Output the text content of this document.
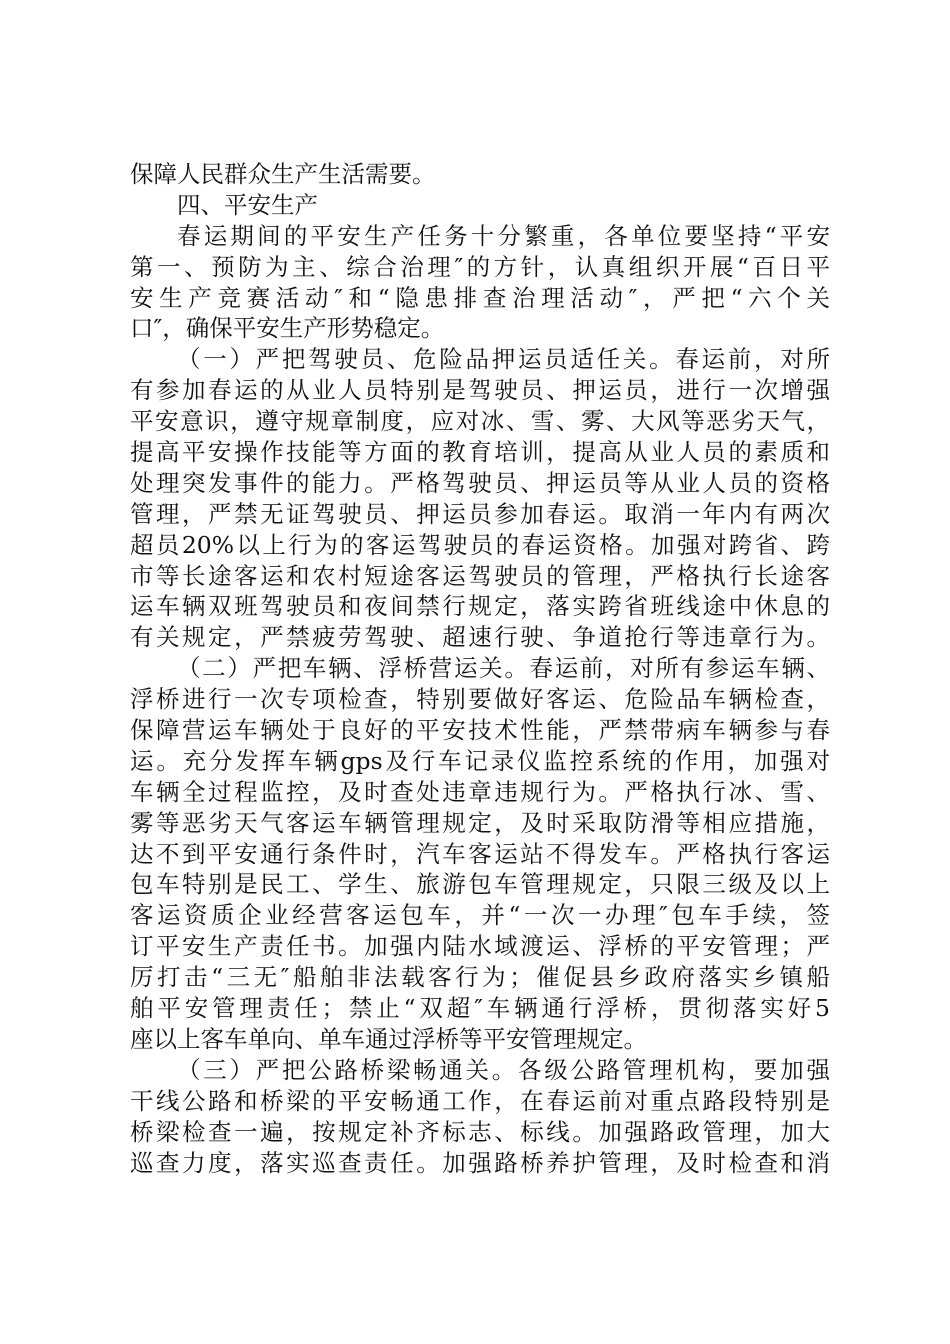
保障人民群众生产生活需要。
四、平安生产
春运期间的平安生产任务十分繁重，各单位要坚持“平安
第一、预防为主、综合治理″的方针，认真组织开展“百日平
安生产竞赛活动″和“隐患排查治理活动″，严把“六个关
口″，确保平安生产形势稳定。
（一）严把驾驶员、危险品押运员适任关。春运前，对所
有参加春运的从业人员特别是驾驶员、押运员，进行一次增强
平安意识，遵守规章制度，应对冰、雪、雾、大风等恶劣天气，
提高平安操作技能等方面的教育培训，提高从业人员的素质和
处理突发事件的能力。严格驾驶员、押运员等从业人员的资格
管理，严禁无证驾驶员、押运员参加春运。取消一年内有两次
超员20%以上行为的客运驾驶员的春运资格。加强对跨省、跨
市等长途客运和农村短途客运驾驶员的管理，严格执行长途客
运车辆双班驾驶员和夜间禁行规定，落实跨省班线途中休息的
有关规定，严禁疲劳驾驶、超速行驶、争道抢行等违章行为。
（二）严把车辆、浮桥营运关。春运前，对所有参运车辆、
浮桥进行一次专项检查，特别要做好客运、危险品车辆检查，
保障营运车辆处于良好的平安技术性能，严禁带病车辆参与春
运。充分发挥车辆gps及行车记录仪监控系统的作用，加强对
车辆全过程监控，及时查处违章违规行为。严格执行冰、雪、
雾等恶劣天气客运车辆管理规定，及时采取防滑等相应措施，
达不到平安通行条件时，汽车客运站不得发车。严格执行客运
包车特别是民工、学生、旅游包车管理规定，只限三级及以上
客运资质企业经营客运包车，并“一次一办理″包车手续，签
订平安生产责任书。加强内陆水域渡运、浮桥的平安管理；严
厉打击“三无″船舶非法载客行为；催促县乡政府落实乡镇船
舶平安管理责任；禁止“双超″车辆通行浮桥，贯彻落实好5
座以上客车单向、单车通过浮桥等平安管理规定。
（三）严把公路桥梁畅通关。各级公路管理机构，要加强
干线公路和桥梁的平安畅通工作，在春运前对重点路段特别是
桥梁检查一遍，按规定补齐标志、标线。加强路政管理，加大
巡查力度，落实巡查责任。加强路桥养护管理，及时检查和消
